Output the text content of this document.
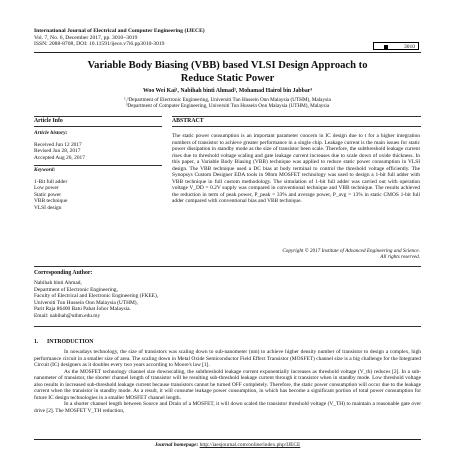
International Journal of Electrical and Computer Engineering (IJECE)
Vol. 7, No. 6, December 2017, pp. 3010~3019
ISSN: 2088-8708, DOI: 10.11591/ijece.v7i6.pp3010-3019	3010
Variable Body Biasing (VBB) based VLSI Design Approach to
Reduce Static Power
Woo Wei Kai¹, Nabihah binti Ahmad², Mohamad Hairol bin Jabbar³
¹,²Department of Electronic Engineering, Universiti Tun Hussein Onn Malaysia (UTHM), Malaysia
³Department of Computer Engineering, Universiti Tun Hussein Onn Malaysia (UTHM), Malaysia
Article Info	ABSTRACT
Article history:
Received Jun 12 2017
Revised Jun 28, 2017
Accepted Aug 26, 2017
Keyword:
1-Bit full adder
Low power
Static power
VBB technique
VLSI design
The static power consumption is an important parameter concern in IC design due to t for a higher integration numbers of transistor to achieve greater performance in a single chip. Leakage current is the main issues for static power dissipation in standby mode as the size of transistor been scale. Therefore, the subthreshold leakage current rises due to threshold voltage scaling and gate leakage current increases due to scale down of oxide thickness. In this paper, a Variable Body Biasing (VBB) technique was applied to reduce static power consumption in VLSI design. The VBB technique used a DC bias at body terminal to control the threshold voltage efficiently. The Synopsys Custom Designer EDA tools in 90nm MOSFET technology was used to design a 1-bit full adder with VBB technique in full custom methodology. The simulation of 1-bit full adder was carried out with operation voltage V_DD = 0.2V supply was compared in conventional technique and VBB technique. The results achieved the reduction in term of peak power, P_peak = 33% and average power, P_avg = 13% in static CMOS 1-bit full adder compared with conventional bias and VBB technique.
Copyright © 2017 Institute of Advanced Engineering and Science.
All rights reserved.
Corresponding Author:
Nabihah binti Ahmad,
Department of Electronic Engineering,
Faculty of Electrical and Electronic Engineering (FKEE),
Universiti Tun Hussein Onn Malaysia (UTHM),
Parit Raja 86400 Batu Pahat Johor Malaysia.
Email: nabihah@uthm.edu.my
1.      INTRODUCTION

In nowadays technology, the size of transistors was scaling down to sub-nanometer (nm) to achieve higher density number of transistor to design a complex, high performance circuit in a smaller size of area. The scaling down in Metal Oxide Semiconductor Field Effect Transistor (MOSFET) channel size is a big challenge for the Integrated Circuit (IC) designers as it doubles every two years according to Moore's law [1].

As the MOSFET technology channel size downscaling, the subthreshold leakage current exponentially increases as threshold voltage (V_th) reduces [2]. In a sub-nanometer of transistor, the shorter channel length of transistor will be resulting sub-threshold leakage current through it transistor when in standby mode. Low threshold voltage also results in increased sub-threshold leakage current because transistors cannot be turned OFF completely. Therefore, the static power consumption will occur due to the leakage current when the transistor in standby mode. As a result, it will consume leakage power consumption, in which has become a significant portion of total power consumption for future IC design technologies in a smaller MOSFET channel length.

In a shorter channel length between Source and Drain of a MOSFET, it will down scaled the transistor threshold voltage (V_TH) to maintain a reasonable gate over drive [2]. The MOSFET V_TH reduction,

Journal homepage: http://iaesjournal.com/online/index.php/IJECE
